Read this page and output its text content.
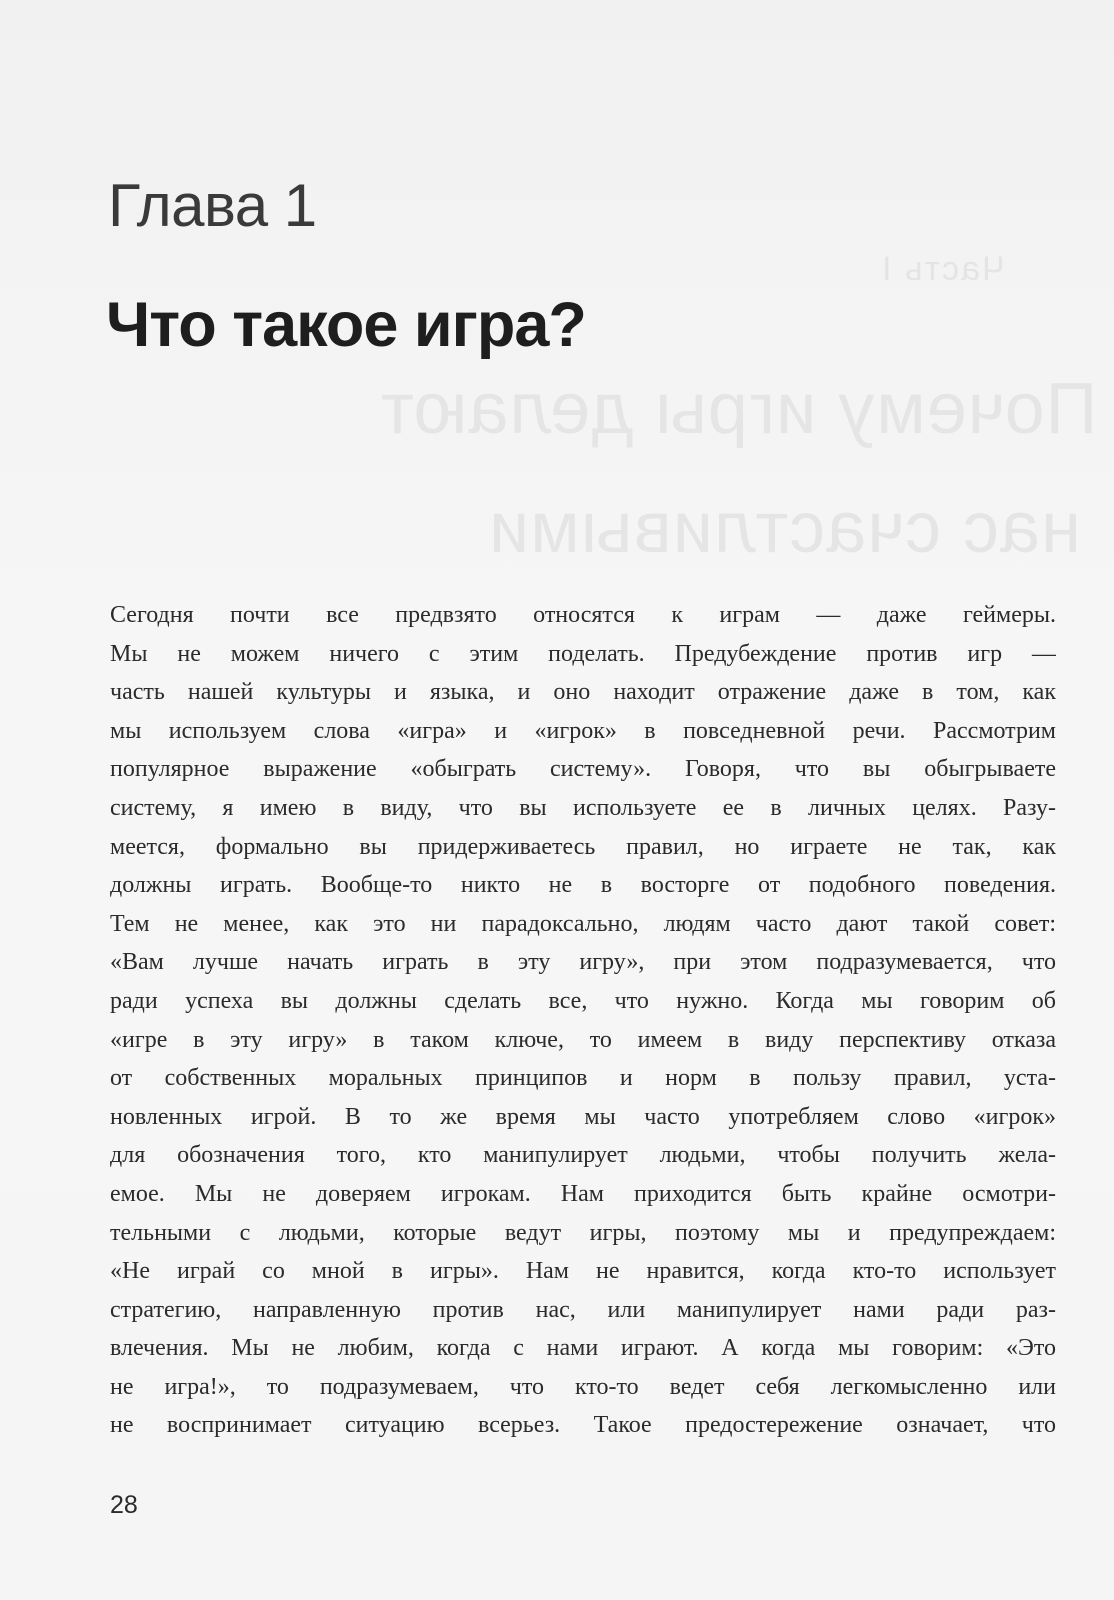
Часть I
Почему игры делают
нас счастливыми
Глава 1
Что такое игра?
Сегодня почти все предвзято относятся к играм — даже геймеры.
Мы не можем ничего с этим поделать. Предубеждение против игр —
часть нашей культуры и языка, и оно находит отражение даже в том, как
мы используем слова «игра» и «игрок» в повседневной речи. Рассмотрим
популярное выражение «обыграть систему». Говоря, что вы обыгрываете
систему, я имею в виду, что вы используете ее в личных целях. Разу-
меется, формально вы придерживаетесь правил, но играете не так, как
должны играть. Вообще-то никто не в восторге от подобного поведения.
Тем не менее, как это ни парадоксально, людям часто дают такой совет:
«Вам лучше начать играть в эту игру», при этом подразумевается, что
ради успеха вы должны сделать все, что нужно. Когда мы говорим об
«игре в эту игру» в таком ключе, то имеем в виду перспективу отказа
от собственных моральных принципов и норм в пользу правил, уста-
новленных игрой. В то же время мы часто употребляем слово «игрок»
для обозначения того, кто манипулирует людьми, чтобы получить жела-
емое. Мы не доверяем игрокам. Нам приходится быть крайне осмотри-
тельными с людьми, которые ведут игры, поэтому мы и предупреждаем:
«Не играй со мной в игры». Нам не нравится, когда кто-то использует
стратегию, направленную против нас, или манипулирует нами ради раз-
влечения. Мы не любим, когда с нами играют. А когда мы говорим: «Это
не игра!», то подразумеваем, что кто-то ведет себя легкомысленно или
не воспринимает ситуацию всерьез. Такое предостережение означает, что
28
